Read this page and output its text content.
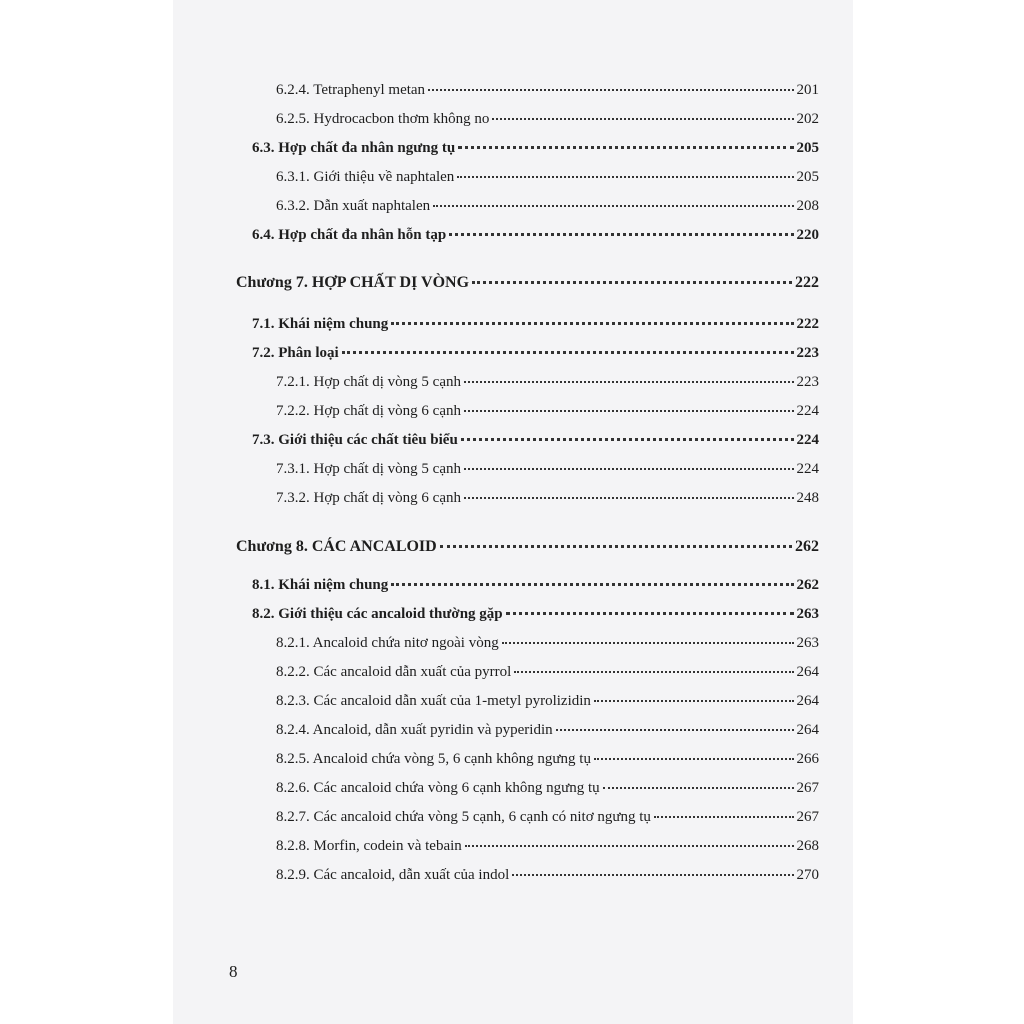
6.2.4. Tetraphenyl metan	201
6.2.5. Hydrocacbon thơm không no	202
6.3. Hợp chất đa nhân ngưng tụ	205
6.3.1. Giới thiệu về naphtalen	205
6.3.2. Dẫn xuất naphtalen	208
6.4. Hợp chất đa nhân hỗn tạp	220
Chương 7. HỢP CHẤT DỊ VÒNG	222
7.1. Khái niệm chung	222
7.2. Phân loại	223
7.2.1. Hợp chất dị vòng 5 cạnh	223
7.2.2. Hợp chất dị vòng 6 cạnh	224
7.3. Giới thiệu các chất tiêu biểu	224
7.3.1. Hợp chất dị vòng 5 cạnh	224
7.3.2. Hợp chất dị vòng 6 cạnh	248
Chương 8. CÁC ANCALOID	262
8.1. Khái niệm chung	262
8.2. Giới thiệu các ancaloid thường gặp	263
8.2.1. Ancaloid chứa nitơ ngoài vòng	263
8.2.2. Các ancaloid dẫn xuất của pyrrol	264
8.2.3. Các ancaloid dẫn xuất của 1-metyl pyrolizidin	264
8.2.4. Ancaloid, dẫn xuất pyridin và pyperidin	264
8.2.5. Ancaloid chứa vòng 5, 6 cạnh không ngưng tụ	266
8.2.6. Các ancaloid chứa vòng 6 cạnh không ngưng tụ	267
8.2.7. Các ancaloid chứa vòng 5 cạnh, 6 cạnh có nitơ ngưng tụ	267
8.2.8. Morfin, codein và tebain	268
8.2.9. Các ancaloid, dẫn xuất của indol	270
8
